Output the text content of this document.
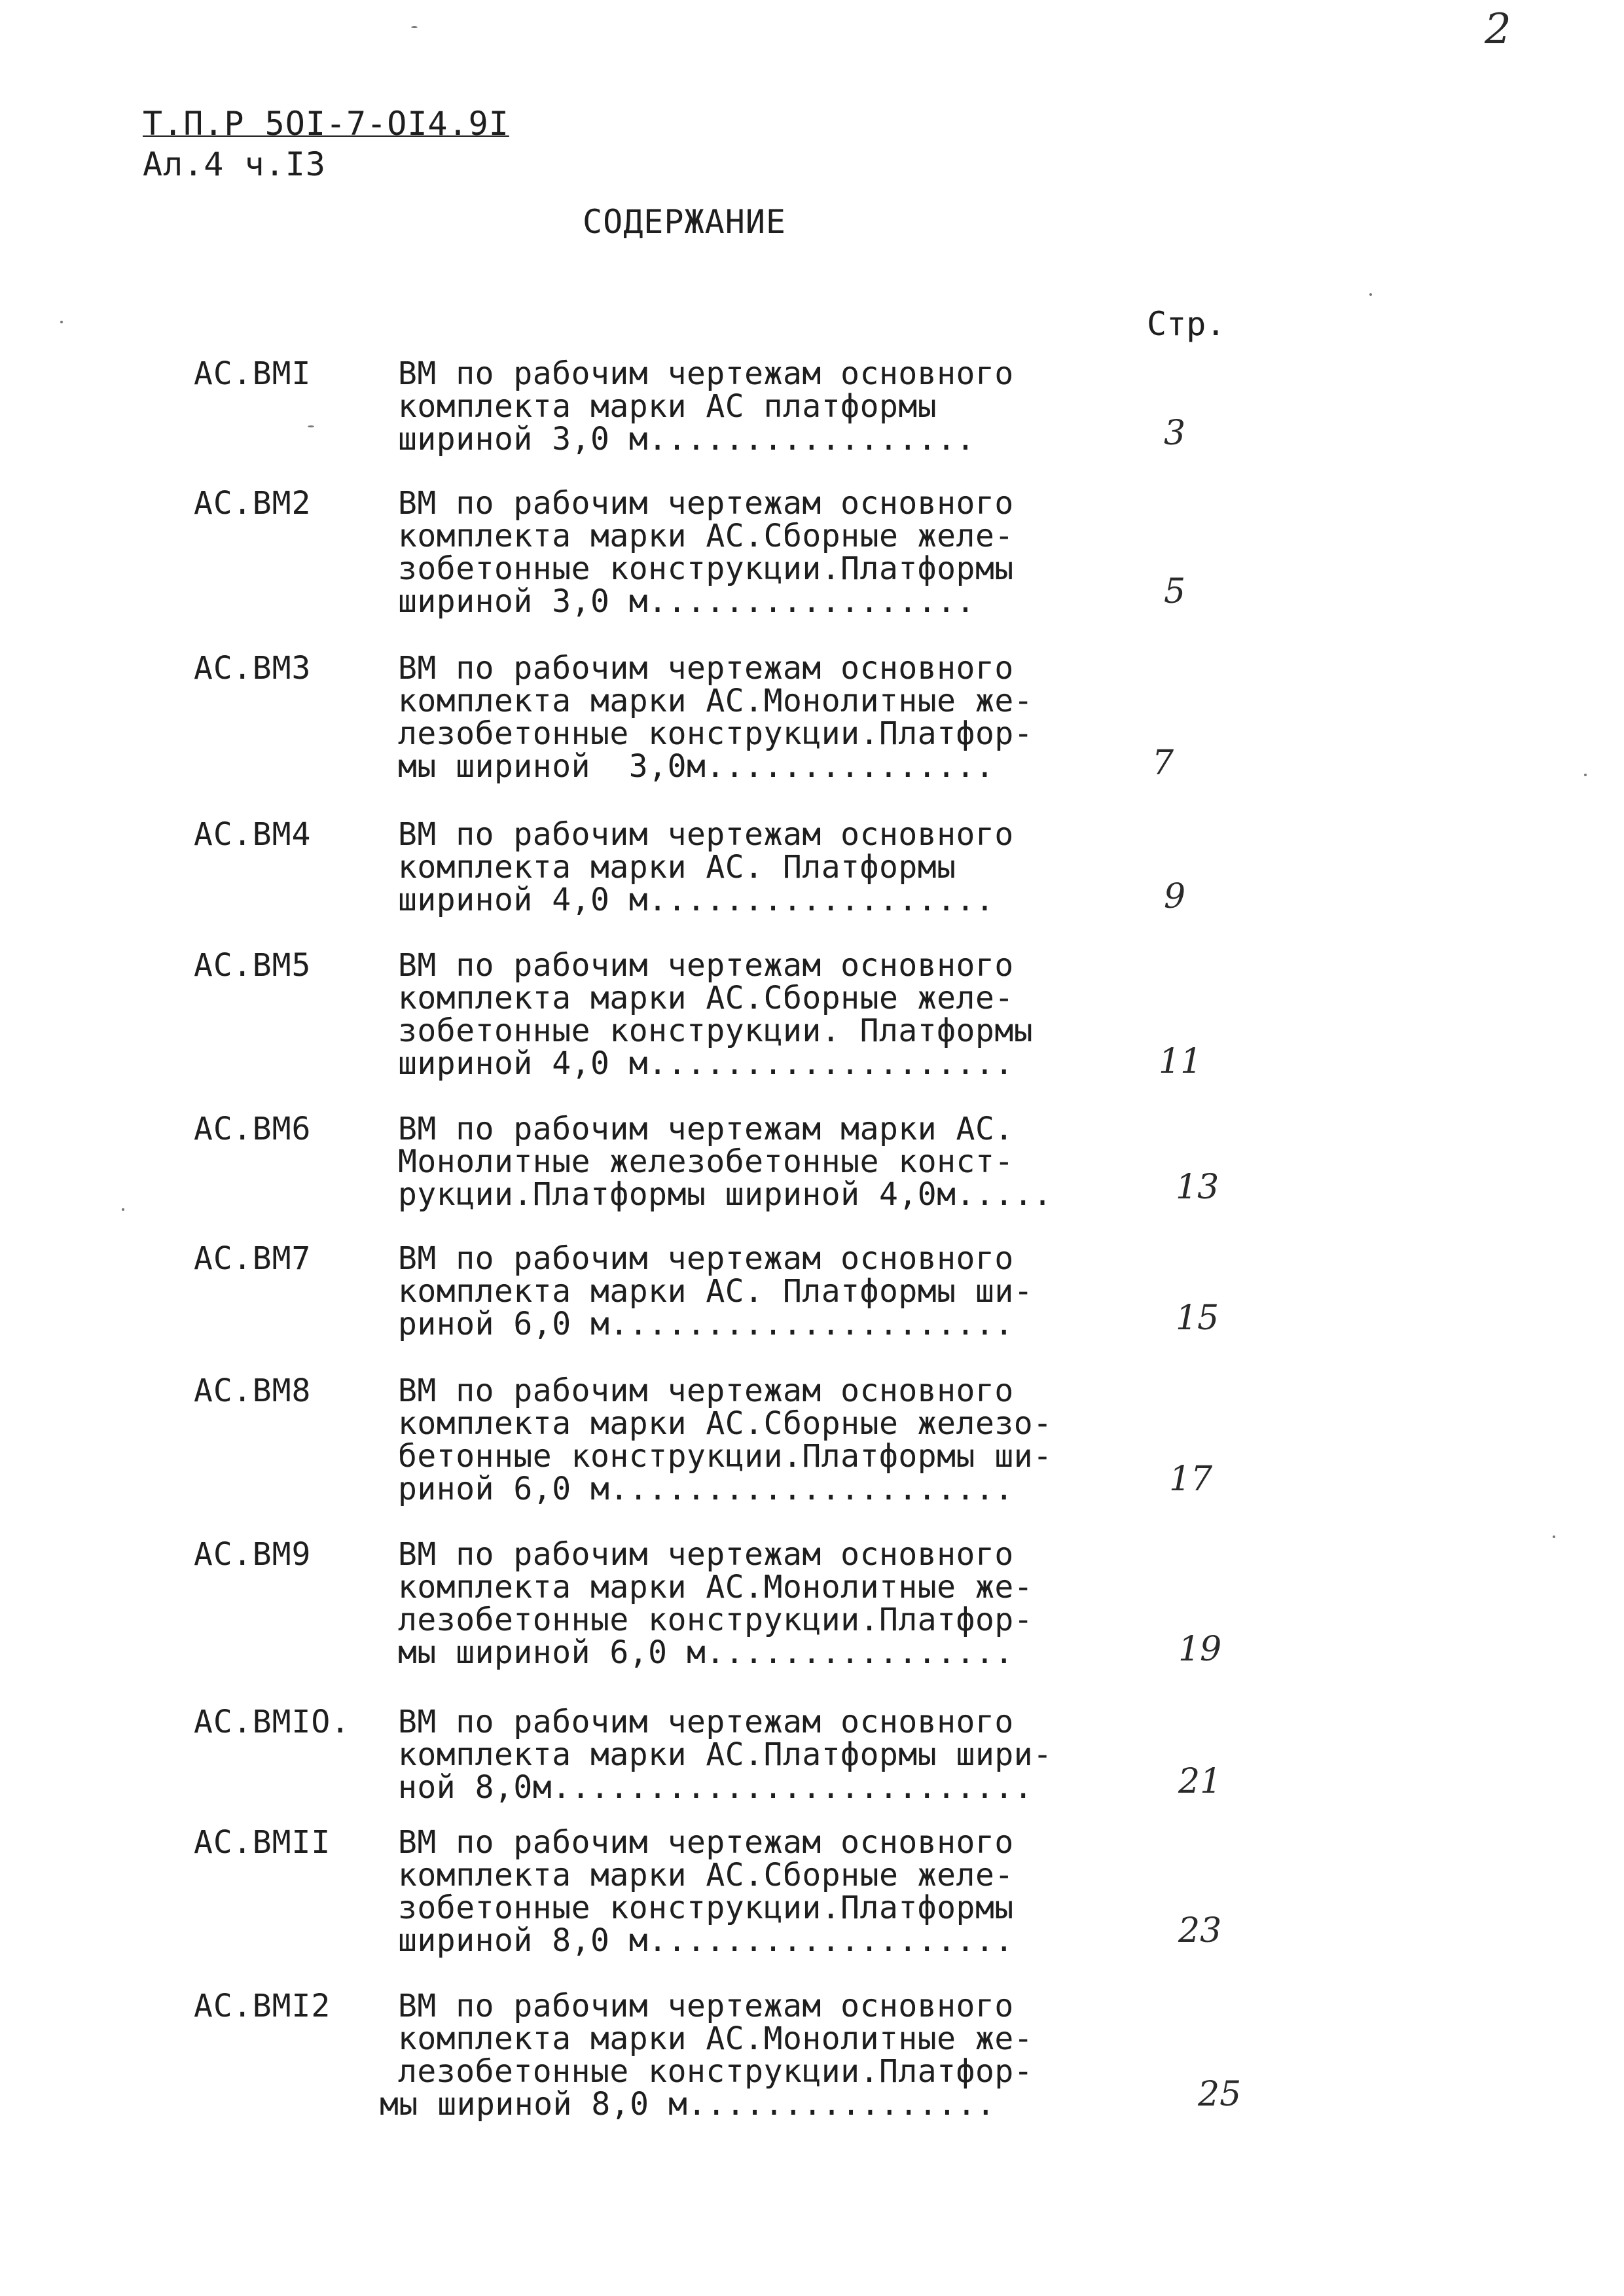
2
Т.П.Р 5ОI-7-ОI4.9I
Ал.4 ч.I3
СОДЕРЖАНИЕ
Стр.
АС.ВМI	ВМ по рабочим чертежам основного
комплекта марки АС платформы
шириной 3,0 м.................	3
АС.ВМ2	ВМ по рабочим чертежам основного
комплекта марки АС.Сборные желе-
зобетонные конструкции.Платформы
шириной 3,0 м.................	5
АС.ВМ3	ВМ по рабочим чертежам основного
комплекта марки АС.Монолитные же-
лезобетонные конструкции.Платфор-
мы шириной  3,0м...............	7
АС.ВМ4	ВМ по рабочим чертежам основного
комплекта марки АС. Платформы
шириной 4,0 м..................	9
АС.ВМ5	ВМ по рабочим чертежам основного
комплекта марки АС.Сборные желе-
зобетонные конструкции. Платформы
шириной 4,0 м...................	11
АС.ВМ6	ВМ по рабочим чертежам марки АС.
Монолитные железобетонные конст-
рукции.Платформы шириной 4,0м.....	13
АС.ВМ7	ВМ по рабочим чертежам основного
комплекта марки АС. Платформы ши-
риной 6,0 м.....................	15
АС.ВМ8	ВМ по рабочим чертежам основного
комплекта марки АС.Сборные железо-
бетонные конструкции.Платформы ши-
риной 6,0 м.....................	17
АС.ВМ9	ВМ по рабочим чертежам основного
комплекта марки АС.Монолитные же-
лезобетонные конструкции.Платфор-
мы шириной 6,0 м................	19
АС.ВМIО. ВМ по рабочим чертежам основного
комплекта марки АС.Платформы шири-
ной 8,0м.........................	21
АС.ВМII ВМ по рабочим чертежам основного
комплекта марки АС.Сборные желе-
зобетонные конструкции.Платформы
шириной 8,0 м...................	23
АС.ВМI2 ВМ по рабочим чертежам основного
комплекта марки АС.Монолитные же-
лезобетонные конструкции.Платфор-
мы шириной 8,0 м................	25
